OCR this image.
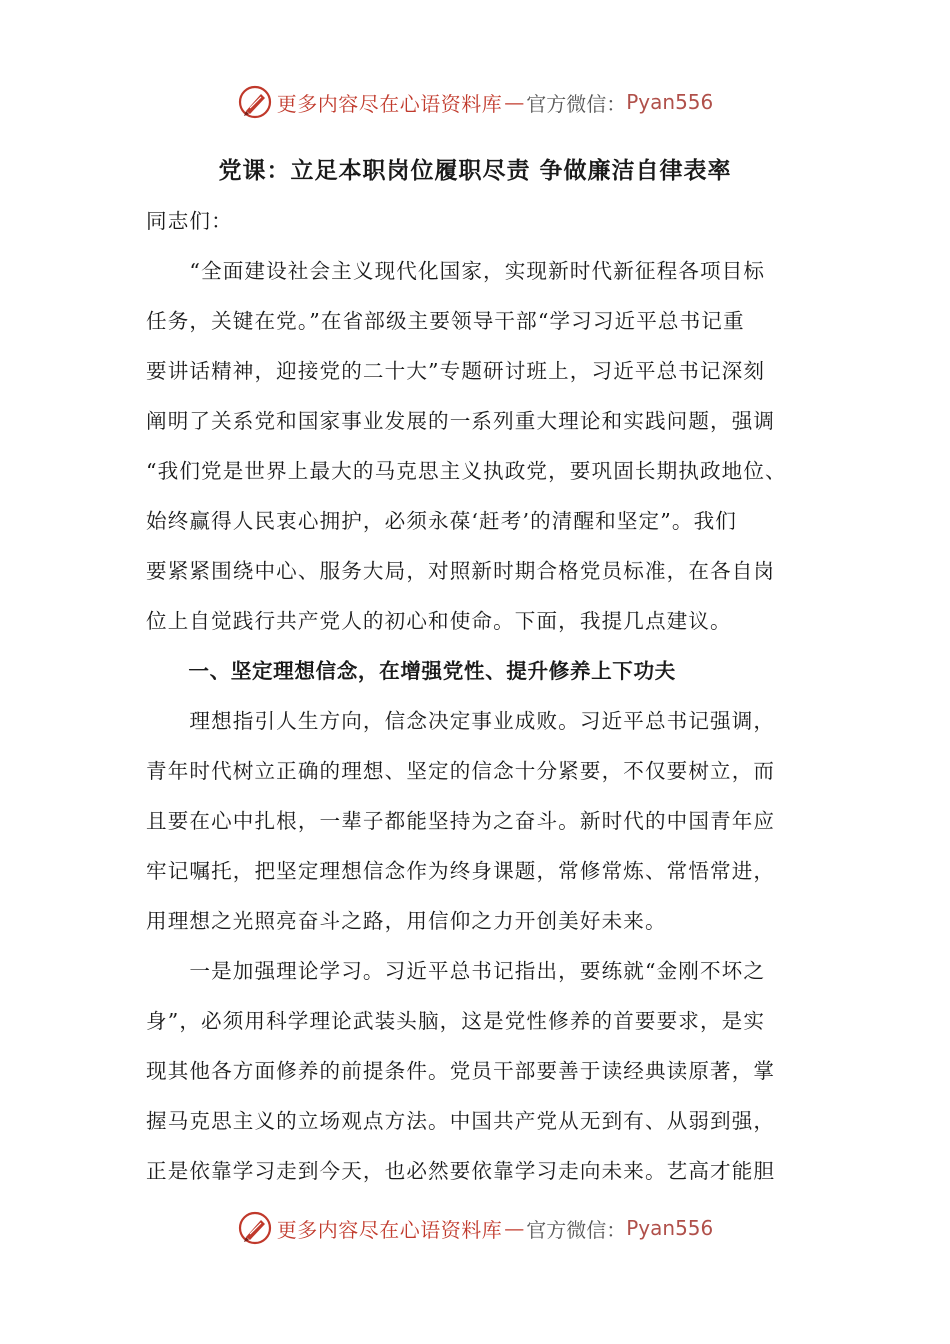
更多内容尽在心语资料库 — 官方微信： Pyan556
党课：立足本职岗位履职尽责 争做廉洁自律表率
同志们：
　　“全面建设社会主义现代化国家，实现新时代新征程各项目标
任务，关键在党。”在省部级主要领导干部“学习习近平总书记重
要讲话精神，迎接党的二十大”专题研讨班上，习近平总书记深刻
阐明了关系党和国家事业发展的一系列重大理论和实践问题，强调
“我们党是世界上最大的马克思主义执政党，要巩固长期执政地位、
始终赢得人民衷心拥护，必须永葆‘赶考’的清醒和坚定”。我们
要紧紧围绕中心、服务大局，对照新时期合格党员标准，在各自岗
位上自觉践行共产党人的初心和使命。下面，我提几点建议。
　　一、坚定理想信念，在增强党性、提升修养上下功夫
　　理想指引人生方向，信念决定事业成败。习近平总书记强调，
青年时代树立正确的理想、坚定的信念十分紧要，不仅要树立，而
且要在心中扎根，一辈子都能坚持为之奋斗。新时代的中国青年应
牢记嘱托，把坚定理想信念作为终身课题，常修常炼、常悟常进，
用理想之光照亮奋斗之路，用信仰之力开创美好未来。
　　一是加强理论学习。习近平总书记指出，要练就“金刚不坏之
身”，必须用科学理论武装头脑，这是党性修养的首要要求，是实
现其他各方面修养的前提条件。党员干部要善于读经典读原著，掌
握马克思主义的立场观点方法。中国共产党从无到有、从弱到强，
正是依靠学习走到今天，也必然要依靠学习走向未来。艺高才能胆
更多内容尽在心语资料库 — 官方微信： Pyan556
